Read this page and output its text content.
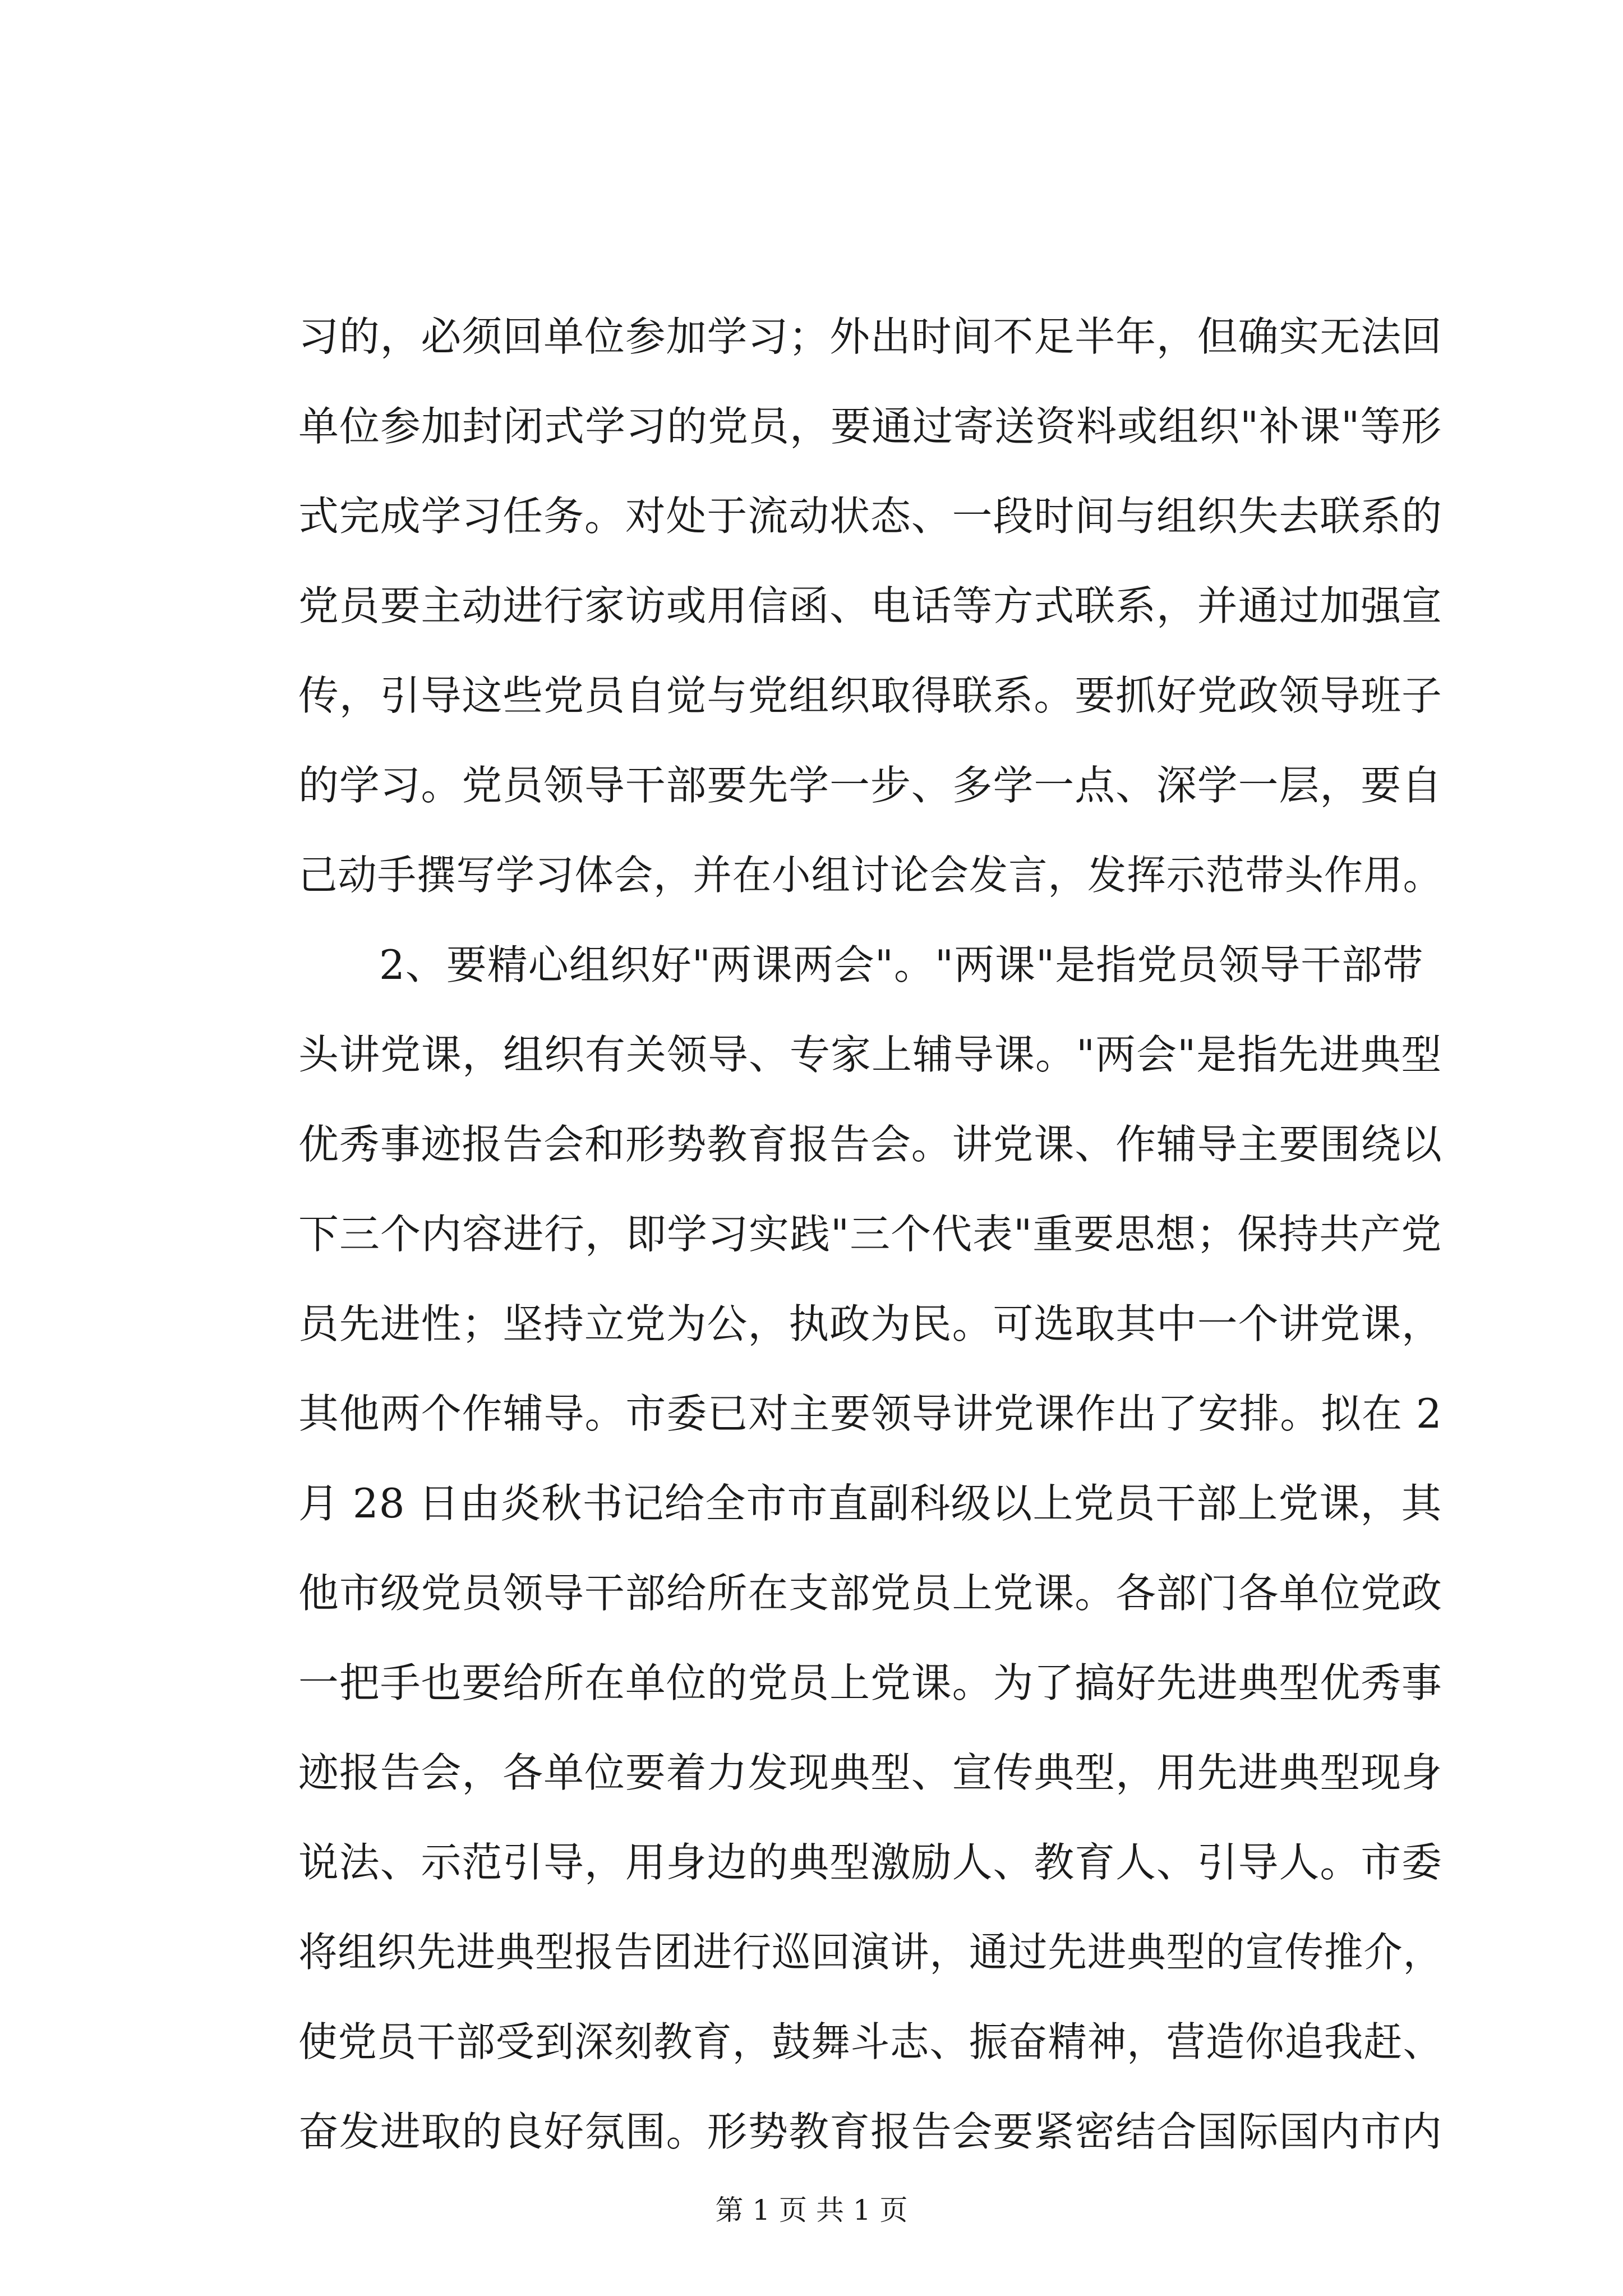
习的，必须回单位参加学习；外出时间不足半年，但确实无法回
单位参加封闭式学习的党员，要通过寄送资料或组织"补课"等形
式完成学习任务。对处于流动状态、一段时间与组织失去联系的
党员要主动进行家访或用信函、电话等方式联系，并通过加强宣
传，引导这些党员自觉与党组织取得联系。要抓好党政领导班子
的学习。党员领导干部要先学一步、多学一点、深学一层，要自
己动手撰写学习体会，并在小组讨论会发言，发挥示范带头作用。
2、要精心组织好"两课两会"。"两课"是指党员领导干部带
头讲党课，组织有关领导、专家上辅导课。"两会"是指先进典型
优秀事迹报告会和形势教育报告会。讲党课、作辅导主要围绕以
下三个内容进行，即学习实践"三个代表"重要思想；保持共产党
员先进性；坚持立党为公，执政为民。可选取其中一个讲党课，
其他两个作辅导。市委已对主要领导讲党课作出了安排。拟在 2
月 28 日由炎秋书记给全市市直副科级以上党员干部上党课，其
他市级党员领导干部给所在支部党员上党课。各部门各单位党政
一把手也要给所在单位的党员上党课。为了搞好先进典型优秀事
迹报告会，各单位要着力发现典型、宣传典型，用先进典型现身
说法、示范引导，用身边的典型激励人、教育人、引导人。市委
将组织先进典型报告团进行巡回演讲，通过先进典型的宣传推介，
使党员干部受到深刻教育，鼓舞斗志、振奋精神，营造你追我赶、
奋发进取的良好氛围。形势教育报告会要紧密结合国际国内市内
第 1 页 共 1 页
